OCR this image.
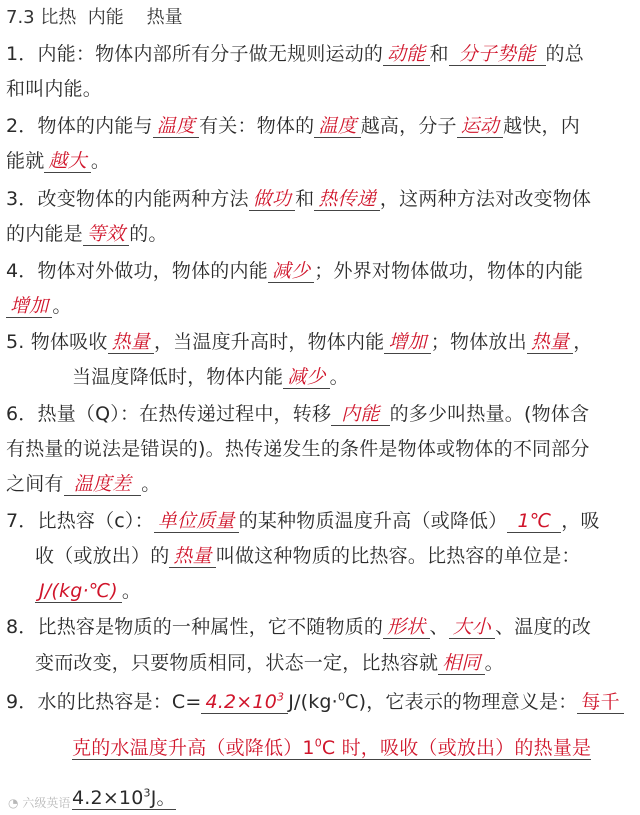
7.3 比热  内能    热量
1．内能：物体内部所有分子做无规则运动的 动能 和 分子势能 的总
和叫内能。
2．物体的内能与 温度 有关：物体的 温度 越高，分子 运动 越快，内
能就 越大 。
3．改变物体的内能两种方法 做功 和 热传递 ，这两种方法对改变物体
的内能是 等效 的。
4．物体对外做功，物体的内能 减少 ；外界对物体做功，物体的内能
增加 。
5. 物体吸收 热量 ，当温度升高时，物体内能 增加 ；物体放出 热量 ，
当温度降低时，物体内能 减少 。
6．热量（Q）：在热传递过程中，转移 内能 的多少叫热量。(物体含
有热量的说法是错误的)。热传递发生的条件是物体或物体的不同部分
之间有 温度差 。
7．比热容（c）： 单位质量 的某种物质温度升高（或降低） 1℃ ，吸
收（或放出）的 热量 叫做这种物质的比热容。比热容的单位是：
J/(kg·℃) 。
8．比热容是物质的一种属性，它不随物质的 形状 、 大小 、温度的改
变而改变，只要物质相同，状态一定，比热容就 相同 。
9．水的比热容是：$C= 4.2\times 10^3$ J/(kg·$^0$C)，它表示的物理意义是： 每千
克的水温度升高（或降低）$1^0C$ 时，吸收（或放出）的热量是
$4.2\times 10^3J$。
◔ 六级英语
